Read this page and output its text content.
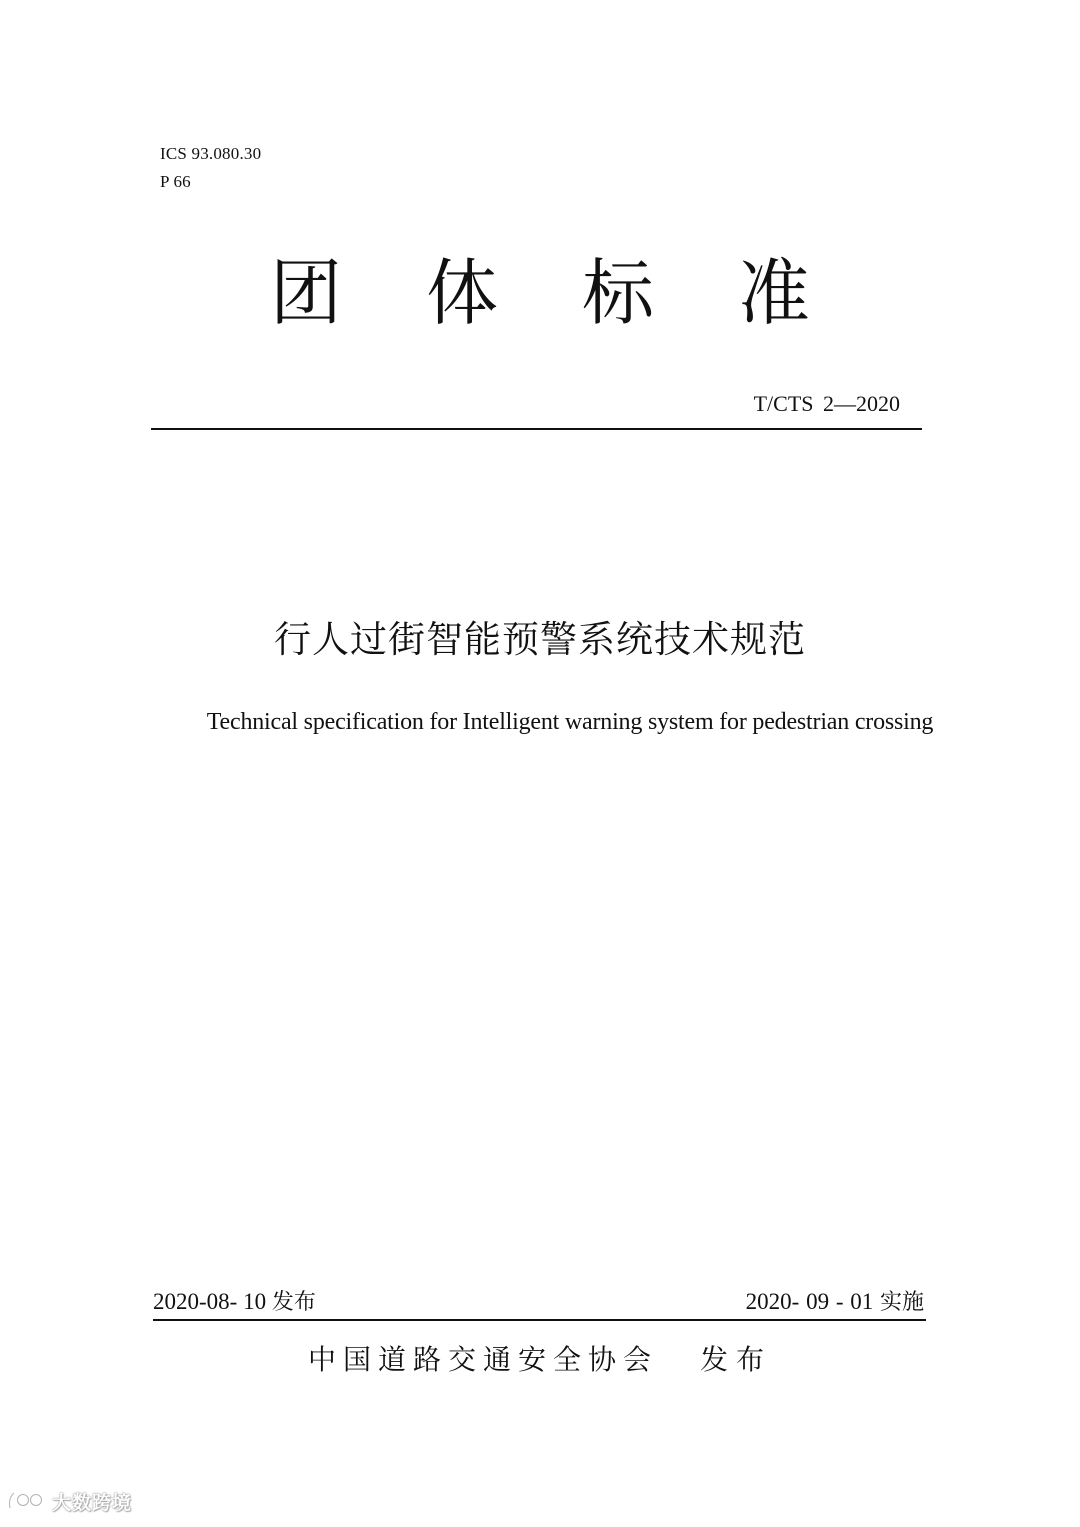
ICS 93.080.30
P 66
团体标准
T/CTS 2—2020
行人过街智能预警系统技术规范
Technical specification for Intelligent warning system for pedestrian crossing
2020-08- 10 发布	2020- 09 - 01 实施
中国道路交通安全协会 发布
大数跨境
